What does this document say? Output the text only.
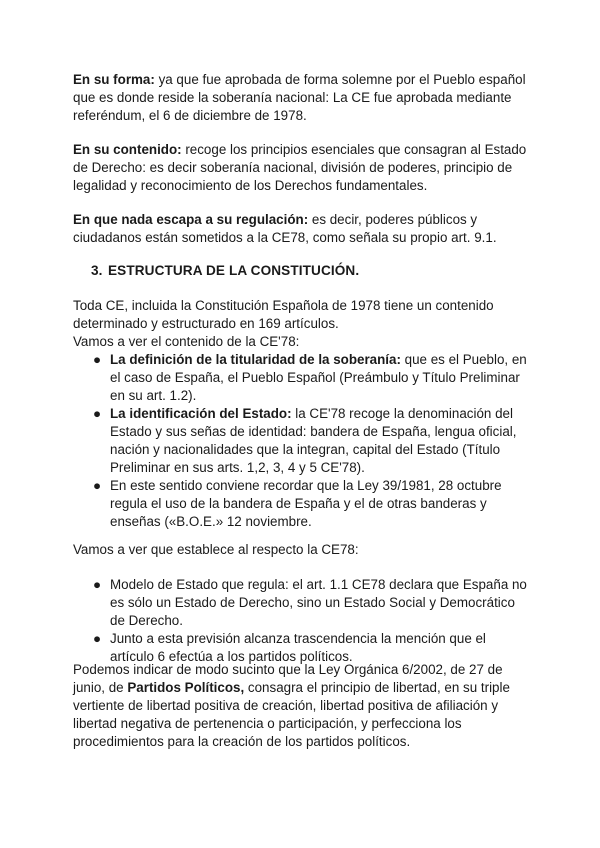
En su forma: ya que fue aprobada de forma solemne por el Pueblo español que es donde reside la soberanía nacional: La CE fue aprobada mediante referéndum, el 6 de diciembre de 1978.

En su contenido: recoge los principios esenciales que consagran al Estado de Derecho: es decir soberanía nacional, división de poderes, principio de legalidad y reconocimiento de los Derechos fundamentales.

En que nada escapa a su regulación: es decir, poderes públicos y ciudadanos están sometidos a la CE78, como señala su propio art. 9.1.

3. ESTRUCTURA DE LA CONSTITUCIÓN.

Toda CE, incluida la Constitución Española de 1978 tiene un contenido determinado y estructurado en 169 artículos.
Vamos a ver el contenido de la CE'78:

● La definición de la titularidad de la soberanía: que es el Pueblo, en el caso de España, el Pueblo Español (Preámbulo y Título Preliminar en su art. 1.2).
● La identificación del Estado: la CE'78 recoge la denominación del Estado y sus señas de identidad: bandera de España, lengua oficial, nación y nacionalidades que la integran, capital del Estado (Título Preliminar en sus arts. 1,2, 3, 4 y 5 CE'78).
● En este sentido conviene recordar que la Ley 39/1981, 28 octubre regula el uso de la bandera de España y el de otras banderas y enseñas («B.O.E.» 12 noviembre.

Vamos a ver que establece al respecto la CE78:

● Modelo de Estado que regula: el art. 1.1 CE78 declara que España no es sólo un Estado de Derecho, sino un Estado Social y Democrático de Derecho.
● Junto a esta previsión alcanza trascendencia la mención que el artículo 6 efectúa a los partidos políticos.

Podemos indicar de modo sucinto que la Ley Orgánica 6/2002, de 27 de junio, de Partidos Políticos, consagra el principio de libertad, en su triple vertiente de libertad positiva de creación, libertad positiva de afiliación y libertad negativa de pertenencia o participación, y perfecciona los procedimientos para la creación de los partidos políticos.
